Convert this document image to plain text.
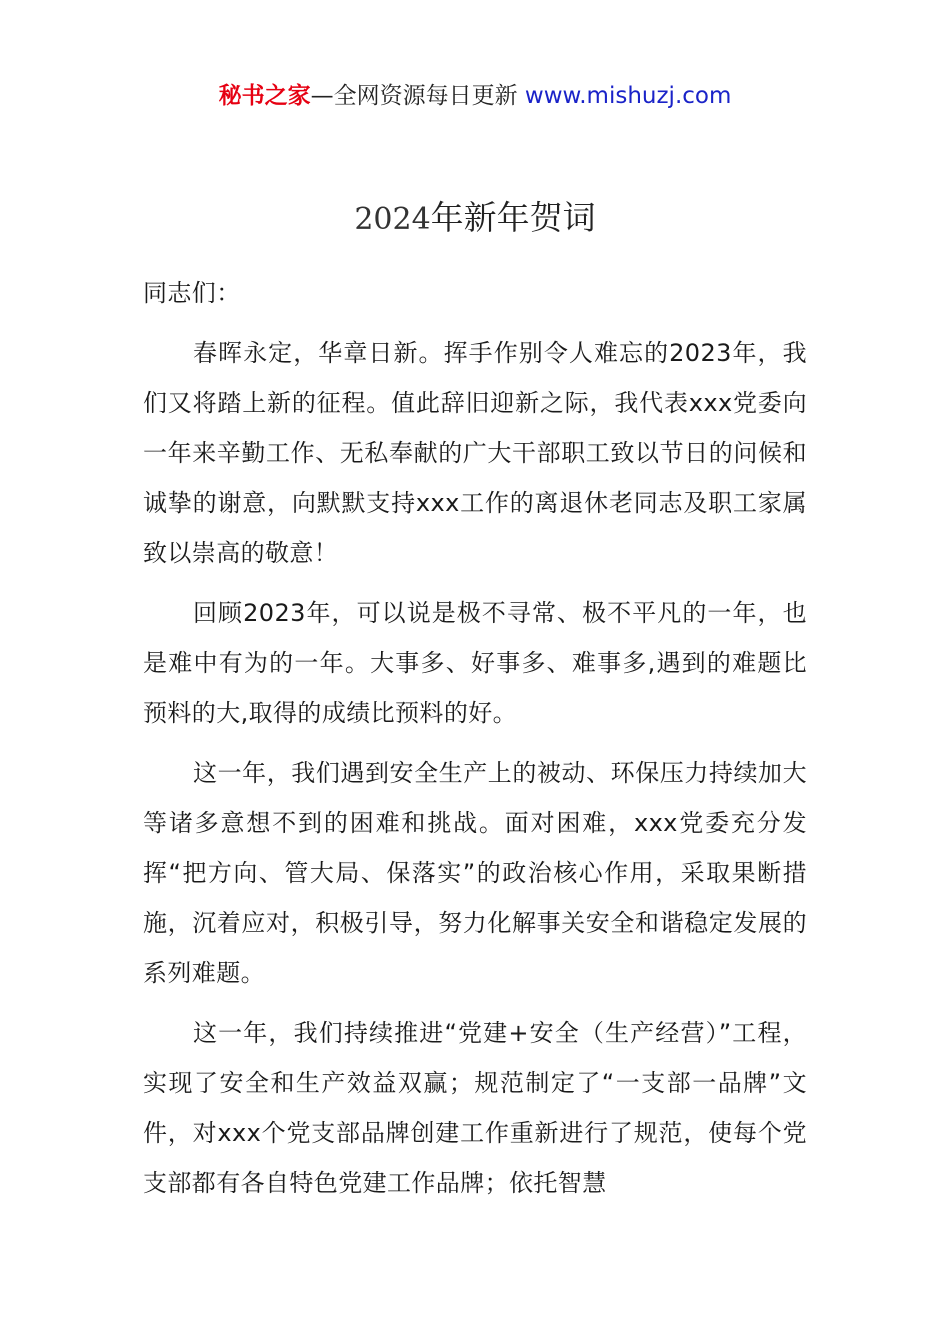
秘书之家—全网资源每日更新 www.mishuzj.com
2024年新年贺词

同志们：

春晖永定，华章日新。挥手作别令人难忘的2023年，我们又将踏上新的征程。值此辞旧迎新之际，我代表xxx党委向一年来辛勤工作、无私奉献的广大干部职工致以节日的问候和诚挚的谢意，向默默支持xxx工作的离退休老同志及职工家属致以崇高的敬意！

回顾2023年，可以说是极不寻常、极不平凡的一年，也是难中有为的一年。大事多、好事多、难事多,遇到的难题比预料的大,取得的成绩比预料的好。

这一年，我们遇到安全生产上的被动、环保压力持续加大等诸多意想不到的困难和挑战。面对困难，xxx党委充分发挥“把方向、管大局、保落实”的政治核心作用，采取果断措施，沉着应对，积极引导，努力化解事关安全和谐稳定发展的系列难题。

这一年，我们持续推进“党建+安全（生产经营）”工程，实现了安全和生产效益双赢；规范制定了“一支部一品牌”文件，对xxx个党支部品牌创建工作重新进行了规范，使每个党支部都有各自特色党建工作品牌；依托智慧
